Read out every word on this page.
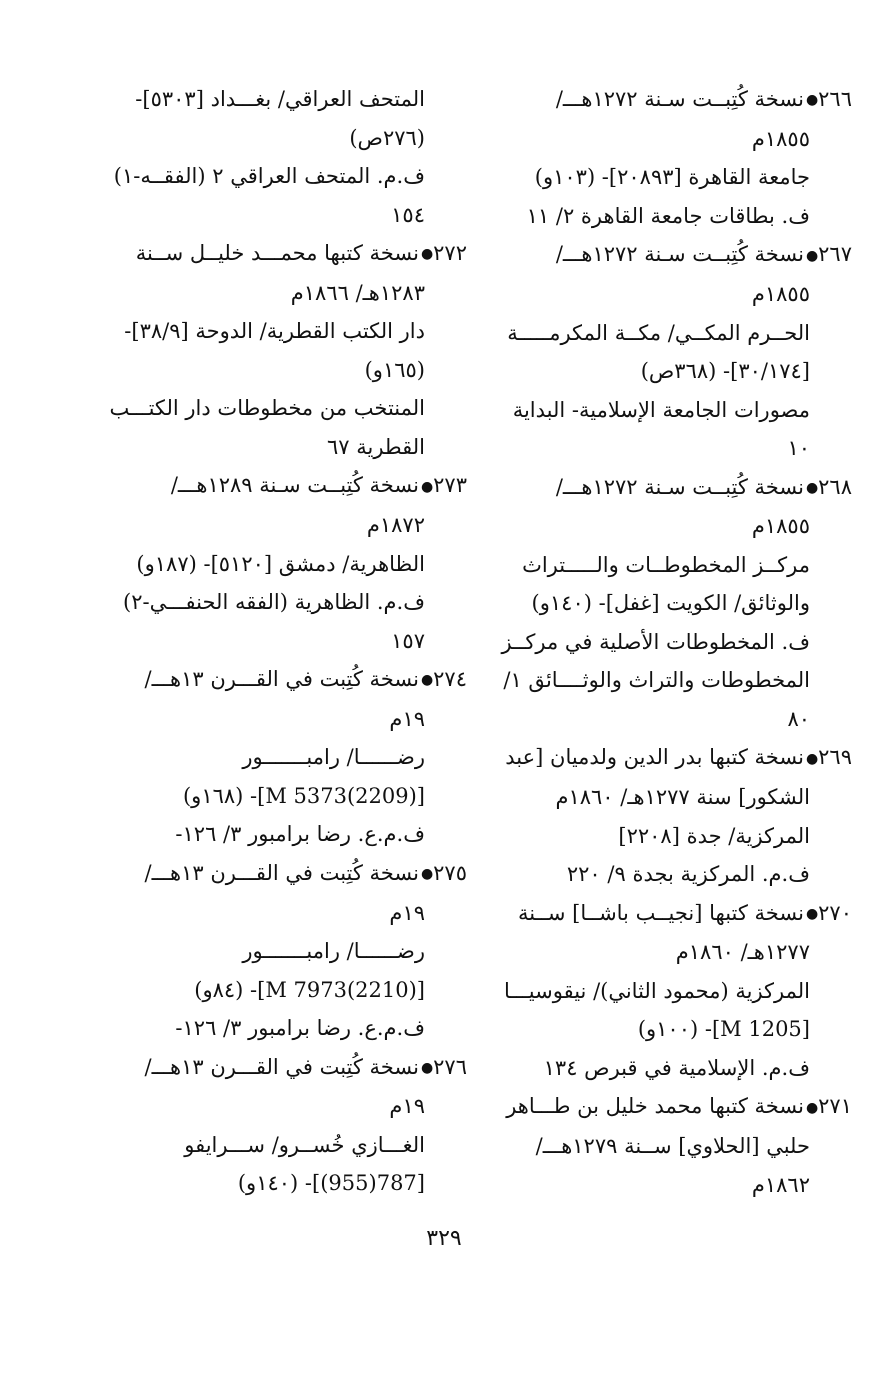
٢٦٦●نسخة كُتِبــت سـنة ١٢٧٢هـــ/
١٨٥٥م
جامعة القاهرة [٢٠٨٩٣]- (١٠٣و)
ف. بطاقات جامعة القاهرة ٢/ ١١
٢٦٧●نسخة كُتِبــت سـنة ١٢٧٢هـــ/
١٨٥٥م
الحــرم المكــي/ مكــة المكرمـــــة
[٣٠/١٧٤]- (٣٦٨ص)
مصورات الجامعة الإسلامية- البداية
١٠
٢٦٨●نسخة كُتِبــت سـنة ١٢٧٢هـــ/
١٨٥٥م
مركــز المخطوطــات والـــــتراث
والوثائق/ الكويت [غفل]- (١٤٠و)
ف. المخطوطات الأصلية في مركــز
المخطوطات والتراث والوثــــائق ١/
٨٠
٢٦٩●نسخة كتبها بدر الدين ولدميان [عبد
الشكور] سنة ١٢٧٧هـ/ ١٨٦٠م
المركزية/ جدة [٢٢٠٨]
ف.م. المركزية بجدة ٩/ ٢٢٠
٢٧٠●نسخة كتبها [نجيــب باشــا] ســنة
١٢٧٧هـ/ ١٨٦٠م
المركزية (محمود الثاني)/ نيقوسيـــا
[M 1205]- (١٠٠و)
ف.م. الإسلامية في قبرص ١٣٤
٢٧١●نسخة كتبها محمد خليل بن طـــاهر
حلبي [الحلاوي] ســنة ١٢٧٩هـــ/
١٨٦٢م
المتحف العراقي/ بغـــداد [٥٣٠٣]-
(٢٧٦ص)
ف.م. المتحف العراقي ٢ (الفقــه-١)
١٥٤
٢٧٢●نسخة كتبها محمـــد خليــل ســنة
١٢٨٣هـ/ ١٨٦٦م
دار الكتب القطرية/ الدوحة [٣٨/٩]-
(١٦٥و)
المنتخب من مخطوطات دار الكتـــب
القطرية ٦٧
٢٧٣●نسخة كُتِبــت سـنة ١٢٨٩هـــ/
١٨٧٢م
الظاهرية/ دمشق [٥١٢٠]- (١٨٧و)
ف.م. الظاهرية (الفقه الحنفـــي-٢)
١٥٧
٢٧٤●نسخة كُتِبت في القـــرن ١٣هـــ/
١٩م
رضــــــا/ رامبـــــــور
[M 5373(2209)]- (١٦٨و)
ف.م.ع. رضا برامبور ٣/ ١٢٦-
٢٧٥●نسخة كُتِبت في القـــرن ١٣هـــ/
١٩م
رضــــــا/ رامبـــــــور
[M 7973(2210)]- (٨٤و)
ف.م.ع. رضا برامبور ٣/ ١٢٦-
٢٧٦●نسخة كُتِبت في القـــرن ١٣هـــ/
١٩م
الغـــازي خُســرو/ ســـرايفو
[787(955)]- (١٤٠و)
٣٢٩
